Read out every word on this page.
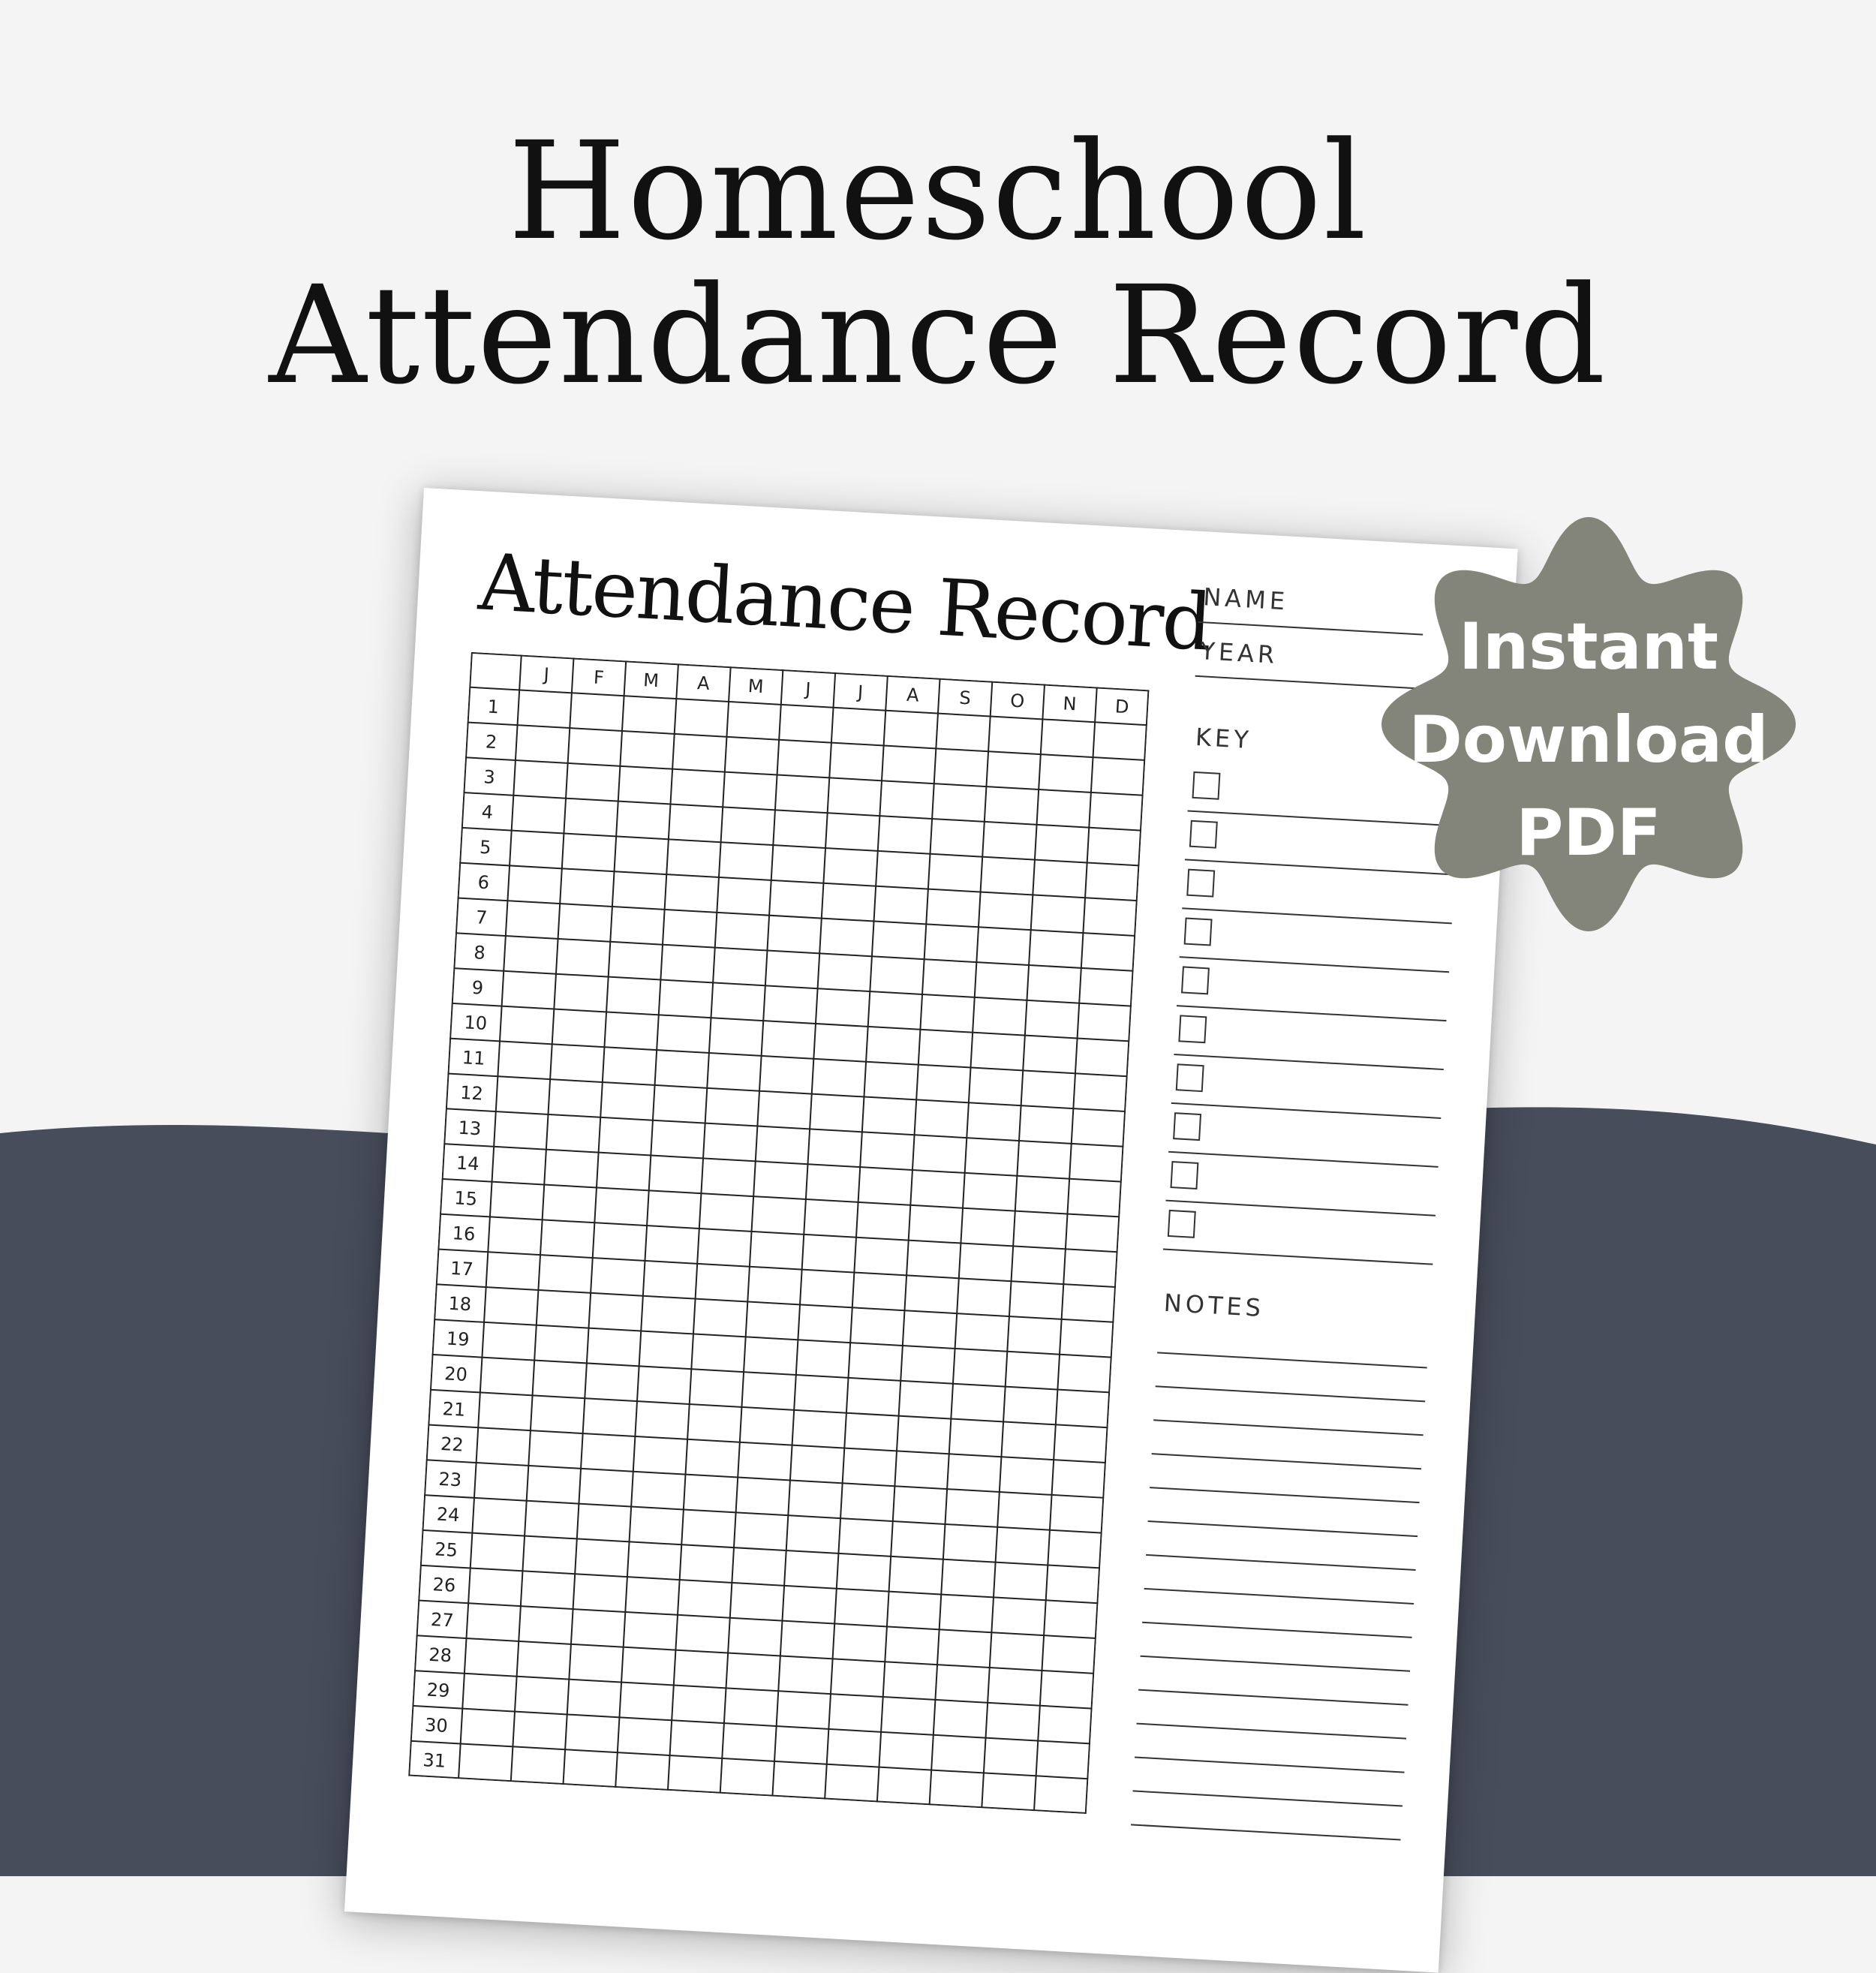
Homeschool
Attendance Record
Attendance Record
NAME
YEAR
KEY
NOTES
J F M A M J	J A S O N D
1
2
3
4
5
6
7
8
9
10
11
12
13
14
15
16
17
18
19
20
21
22
23
24
25
26
27
28
29
30
31
Instant
Download
PDF
